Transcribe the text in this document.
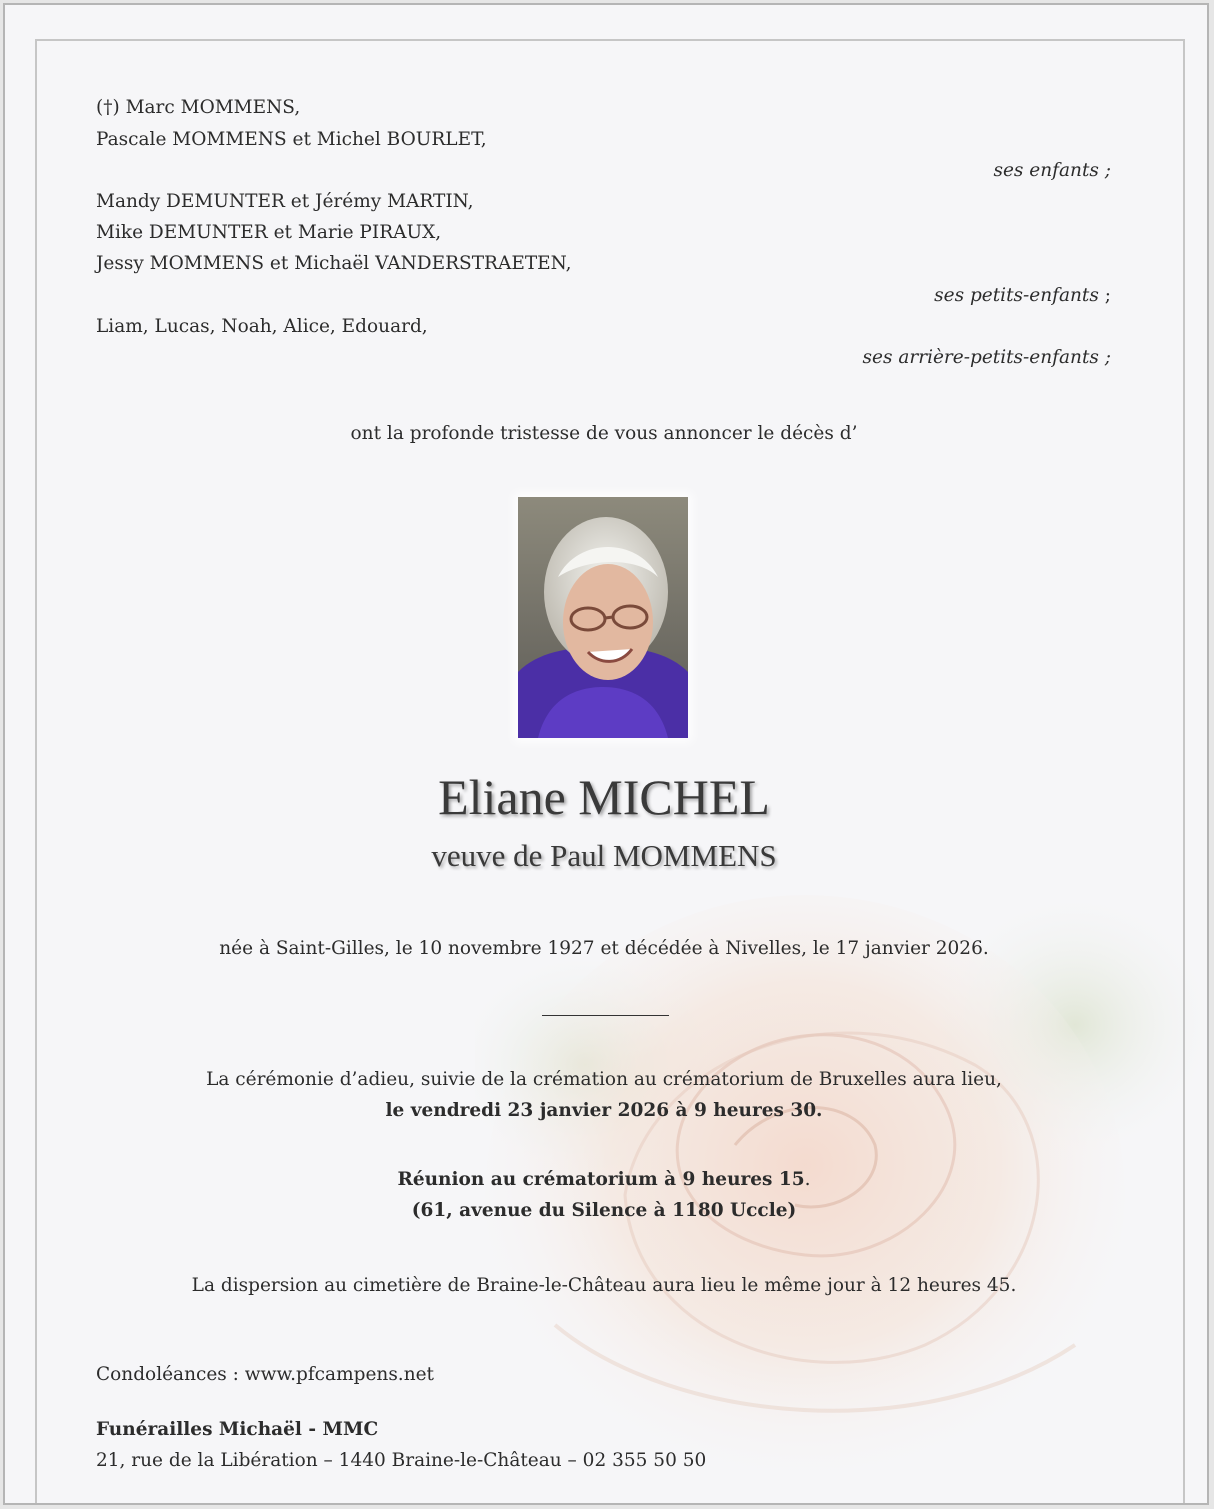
(†) Marc MOMMENS,
Pascale MOMMENS et Michel BOURLET,
ses enfants ;
Mandy DEMUNTER et Jérémy MARTIN,
Mike DEMUNTER et Marie PIRAUX,
Jessy MOMMENS et Michaël VANDERSTRAETEN,
ses petits-enfants ;
Liam, Lucas, Noah, Alice, Edouard,
ses arrière-petits-enfants ;
ont la profonde tristesse de vous annoncer le décès d’
Eliane MICHEL
veuve de Paul MOMMENS
née à Saint-Gilles, le 10 novembre 1927 et décédée à Nivelles, le 17 janvier 2026.
La cérémonie d’adieu, suivie de la crémation au crématorium de Bruxelles aura lieu,
le vendredi 23 janvier 2026 à 9 heures 30.
Réunion au crématorium à 9 heures 15.
(61, avenue du Silence à 1180 Uccle)
La dispersion au cimetière de Braine-le-Château aura lieu le même jour à 12 heures 45.
Condoléances : www.pfcampens.net
Funérailles Michaël - MMC
21, rue de la Libération – 1440 Braine-le-Château – 02 355 50 50
